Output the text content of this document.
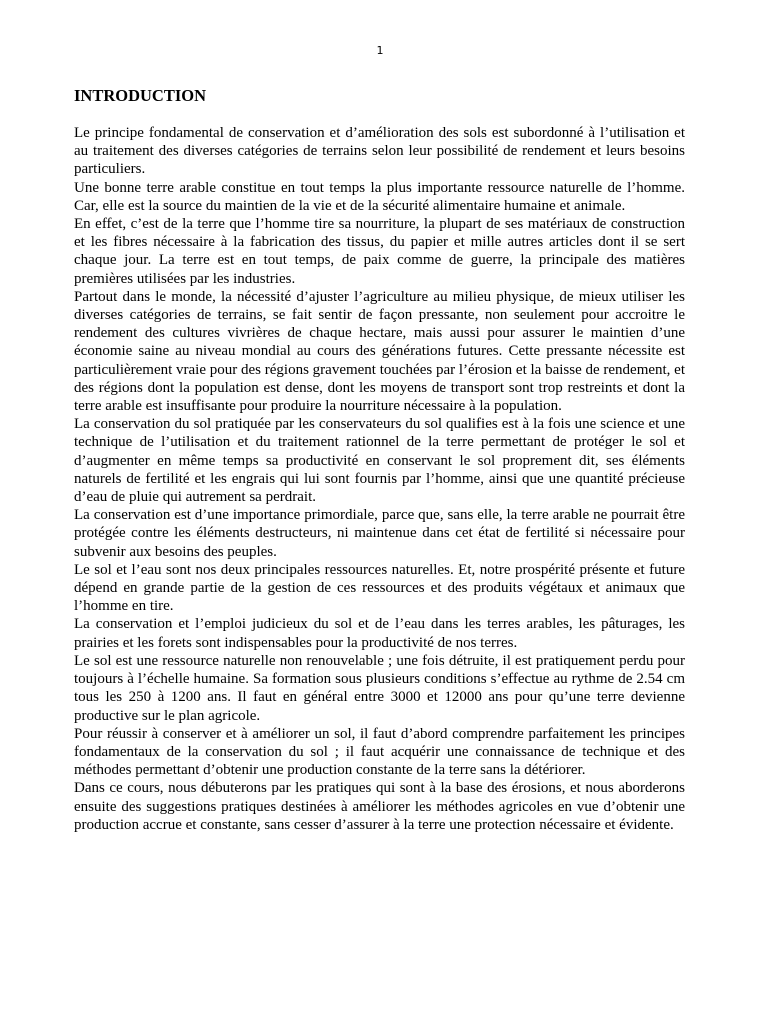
1
INTRODUCTION

Le principe fondamental de conservation et d’amélioration des sols est subordonné à l’utilisation et au traitement des diverses catégories de terrains selon leur possibilité de rendement et leurs besoins particuliers.

Une bonne terre arable constitue en tout temps la plus importante ressource naturelle de l’homme. Car, elle est la source du maintien de la vie et de la sécurité alimentaire humaine et animale.

En effet, c’est de la terre que l’homme tire sa nourriture, la plupart de ses matériaux de construction et les fibres nécessaire à la fabrication des tissus, du papier et mille autres articles dont il se sert chaque jour. La terre est en tout temps, de paix comme de guerre, la principale des matières premières utilisées par les industries.

Partout dans le monde, la nécessité d’ajuster l’agriculture au milieu physique, de mieux utiliser les diverses catégories de terrains, se fait sentir de façon pressante, non seulement pour accroitre le rendement des cultures vivrières de chaque hectare, mais aussi pour assurer le maintien d’une économie saine au niveau mondial au cours des générations futures. Cette pressante nécessite est particulièrement vraie pour des régions gravement touchées par l’érosion et la baisse de rendement, et des régions dont la population est dense, dont les moyens de transport sont trop restreints et dont la terre arable est insuffisante pour produire la nourriture nécessaire à la population.

La conservation du sol pratiquée par les conservateurs du sol qualifies est à la fois une science et une technique de l’utilisation et du traitement rationnel de la terre permettant de protéger le sol et d’augmenter en même temps sa productivité en conservant le sol proprement dit, ses éléments naturels de fertilité et les engrais qui lui sont fournis par l’homme, ainsi que une quantité précieuse d’eau de pluie qui autrement sa perdrait.

La conservation est d’une importance primordiale, parce que, sans elle, la terre arable ne pourrait être protégée contre les éléments destructeurs, ni maintenue dans cet état de fertilité si nécessaire pour subvenir aux besoins des peuples.

Le sol et l’eau sont nos deux principales ressources naturelles. Et, notre prospérité présente et future dépend en grande partie de la gestion de ces ressources et des produits végétaux et animaux que l’homme en tire.

La conservation et l’emploi judicieux du sol et de l’eau dans les terres arables, les pâturages, les prairies et les forets sont indispensables pour la productivité de nos terres.

Le sol est une ressource naturelle non renouvelable ; une fois détruite, il est pratiquement perdu pour toujours à l’échelle humaine. Sa formation sous plusieurs conditions s’effectue au rythme de 2.54 cm tous les 250 à 1200 ans. Il faut en général entre 3000 et 12000 ans pour qu’une terre devienne productive sur le plan agricole.

Pour réussir à conserver et à améliorer un sol, il faut d’abord comprendre parfaitement les principes fondamentaux de la conservation du sol ; il faut acquérir une connaissance de technique et des méthodes permettant d’obtenir une production constante de la terre sans la détériorer.

Dans ce cours, nous débuterons par les pratiques qui sont à la base des érosions, et nous aborderons ensuite des suggestions pratiques destinées à améliorer les méthodes agricoles en vue d’obtenir une production accrue et constante, sans cesser d’assurer à la terre une protection nécessaire et évidente.
